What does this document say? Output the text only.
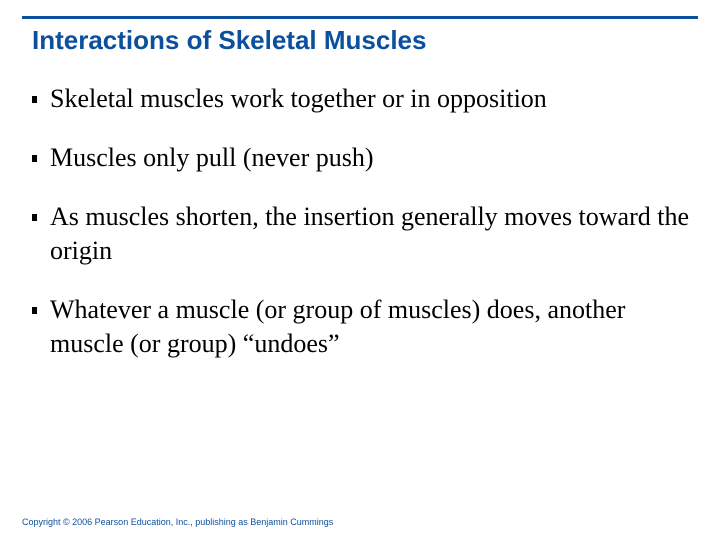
Interactions of Skeletal Muscles
Skeletal muscles work together or in opposition
Muscles only pull (never push)
As muscles shorten, the insertion generally moves toward the origin
Whatever a muscle (or group of muscles) does, another muscle (or group) “undoes”
Copyright © 2006 Pearson Education, Inc., publishing as Benjamin Cummings
